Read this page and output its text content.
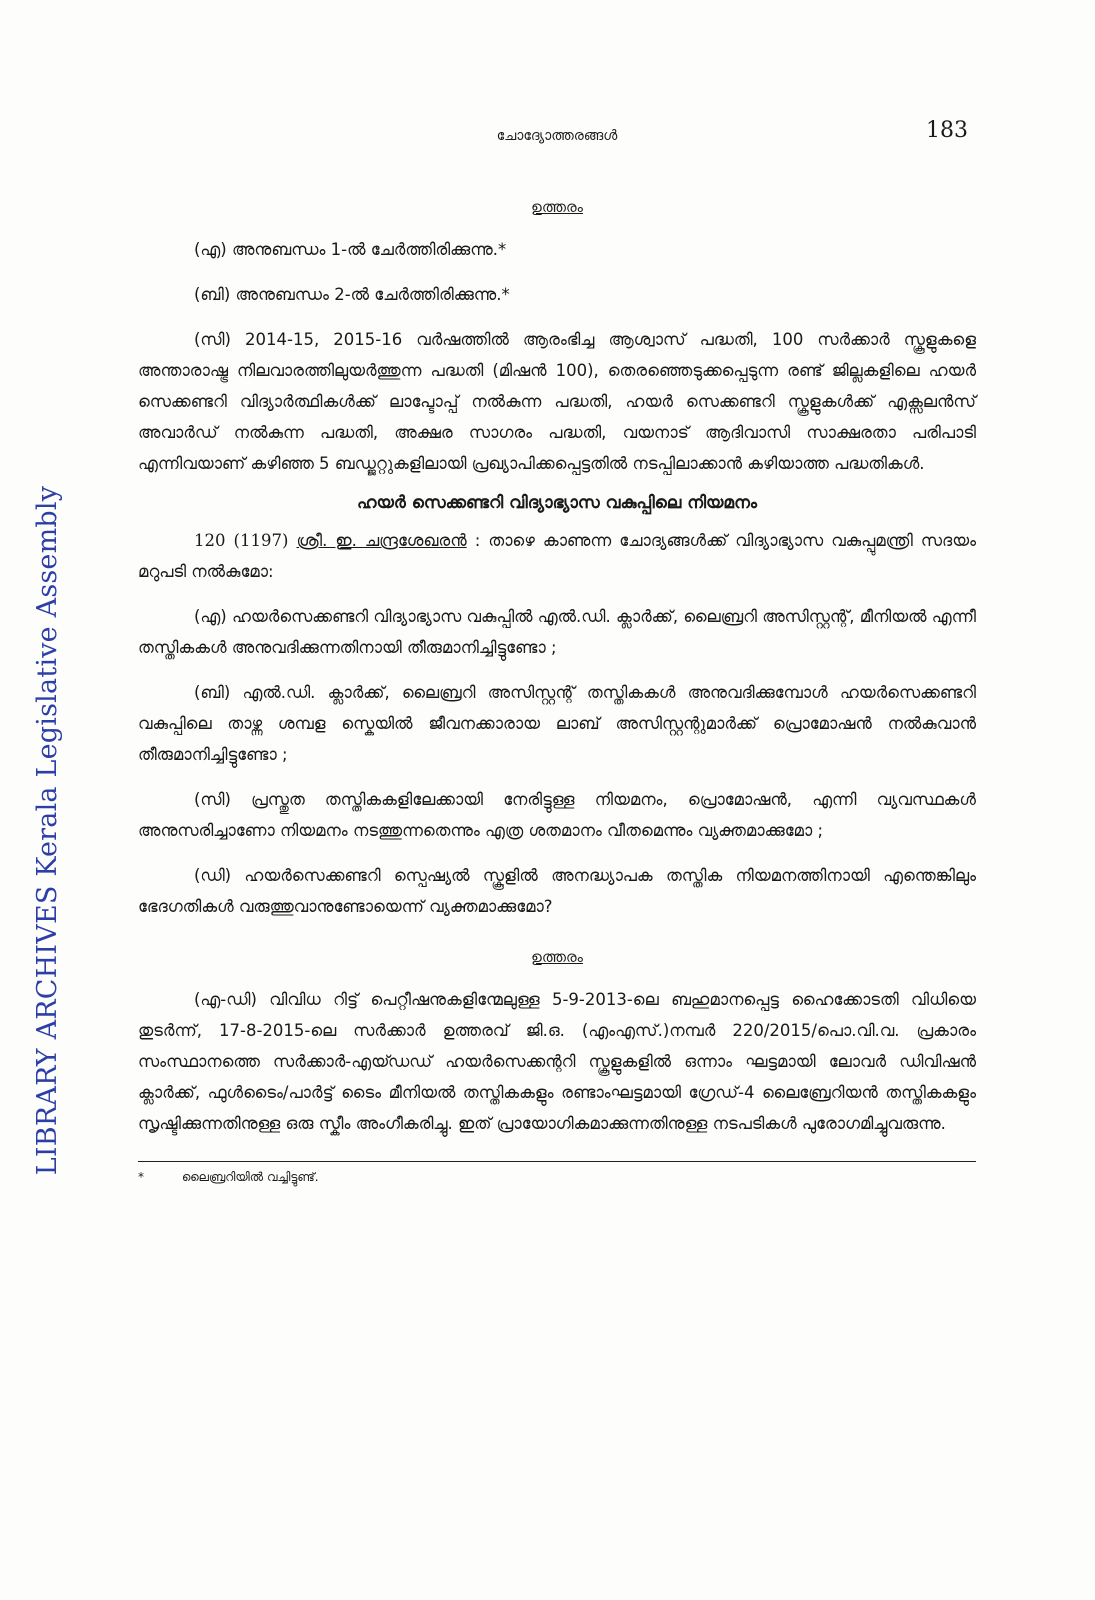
LIBRARY ARCHIVES Kerala Legislative Assembly
ചോദ്യോത്തരങ്ങൾ	183
ഉത്തരം

(എ) അനുബന്ധം 1-ൽ ചേർത്തിരിക്കുന്നു.*

(ബി) അനുബന്ധം 2-ൽ ചേർത്തിരിക്കുന്നു.*

(സി) 2014-15, 2015-16 വർഷത്തിൽ ആരംഭിച്ച ആശ്വാസ് പദ്ധതി, 100 സർക്കാർ സ്കൂളുകളെ അന്താരാഷ്ട്ര നിലവാരത്തിലുയർത്തുന്ന പദ്ധതി (മിഷൻ 100), തെരഞ്ഞെടുക്കപ്പെടുന്ന രണ്ട് ജില്ലകളിലെ ഹയർ സെക്കണ്ടറി വിദ്യാർത്ഥികൾക്ക് ലാപ്ടോപ്പ് നൽകുന്ന പദ്ധതി, ഹയർ സെക്കണ്ടറി സ്കൂളുകൾക്ക് എക്സലൻസ് അവാർഡ് നൽകുന്ന പദ്ധതി, അക്ഷര സാഗരം പദ്ധതി, വയനാട് ആദിവാസി സാക്ഷരതാ പരിപാടി എന്നിവയാണ് കഴിഞ്ഞ 5 ബഡ്ജറ്റുകളിലായി പ്രഖ്യാപിക്കപ്പെട്ടതിൽ നടപ്പിലാക്കാൻ കഴിയാത്ത പദ്ധതികൾ.

ഹയർ സെക്കണ്ടറി വിദ്യാഭ്യാസ വകുപ്പിലെ നിയമനം

120 (1197) ശ്രീ. ഇ. ചന്ദ്രശേഖരൻ : താഴെ കാണുന്ന ചോദ്യങ്ങൾക്ക് വിദ്യാഭ്യാസ വകുപ്പുമന്ത്രി സദയം മറുപടി നൽകുമോ:

(എ) ഹയർസെക്കണ്ടറി വിദ്യാഭ്യാസ വകുപ്പിൽ എൽ.ഡി. ക്ലാർക്ക്, ലൈബ്രറി അസിസ്റ്റന്റ്, മീനിയൽ എന്നീ തസ്തികകൾ അനുവദിക്കുന്നതിനായി തീരുമാനിച്ചിട്ടുണ്ടോ ;

(ബി) എൽ.ഡി. ക്ലാർക്ക്, ലൈബ്രറി അസിസ്റ്റന്റ് തസ്തികകൾ അനുവദിക്കുമ്പോൾ ഹയർസെക്കണ്ടറി വകുപ്പിലെ താഴ്ന്ന ശമ്പള സ്കെയിൽ ജീവനക്കാരായ ലാബ് അസിസ്റ്റന്റുമാർക്ക് പ്രൊമോഷൻ നൽകുവാൻ തീരുമാനിച്ചിട്ടുണ്ടോ ;

(സി) പ്രസ്തുത തസ്തികകളിലേക്കായി നേരിട്ടുള്ള നിയമനം, പ്രൊമോഷൻ, എന്നി വ്യവസ്ഥകൾ അനുസരിച്ചാണോ നിയമനം നടത്തുന്നതെന്നും എത്ര ശതമാനം വീതമെന്നും വ്യക്തമാക്കുമോ ;

(ഡി) ഹയർസെക്കണ്ടറി സ്പെഷ്യൽ സ്കൂളിൽ അനദ്ധ്യാപക തസ്തിക നിയമനത്തിനായി എന്തെങ്കിലും ഭേദഗതികൾ വരുത്തുവാനുണ്ടോയെന്ന് വ്യക്തമാക്കുമോ?

ഉത്തരം

(എ-ഡി) വിവിധ റിട്ട് പെറ്റീഷനുകളിന്മേലുള്ള 5-9-2013-ലെ ബഹുമാനപ്പെട്ട ഹൈക്കോടതി വിധിയെ തുടർന്ന്, 17-8-2015-ലെ സർക്കാർ ഉത്തരവ് ജി.ഒ. (എംഎസ്.)നമ്പർ 220/2015/പൊ.വി.വ. പ്രകാരം സംസ്ഥാനത്തെ സർക്കാർ-എയ്ഡഡ് ഹയർസെക്കന്ററി സ്കൂളുകളിൽ ഒന്നാം ഘട്ടമായി ലോവർ ഡിവിഷൻ ക്ലാർക്ക്, ഫുൾടൈം/പാർട്ട് ടൈം മീനിയൽ തസ്തികകളും രണ്ടാംഘട്ടമായി ഗ്രേഡ്-4 ലൈബ്രേറിയൻ തസ്തികകളും സൃഷ്ടിക്കുന്നതിനുള്ള ഒരു സ്കീം അംഗീകരിച്ചു. ഇത് പ്രായോഗികമാക്കുന്നതിനുള്ള നടപടികൾ പുരോഗമിച്ചുവരുന്നു.

*	ലൈബ്രറിയിൽ വച്ചിട്ടുണ്ട്.
